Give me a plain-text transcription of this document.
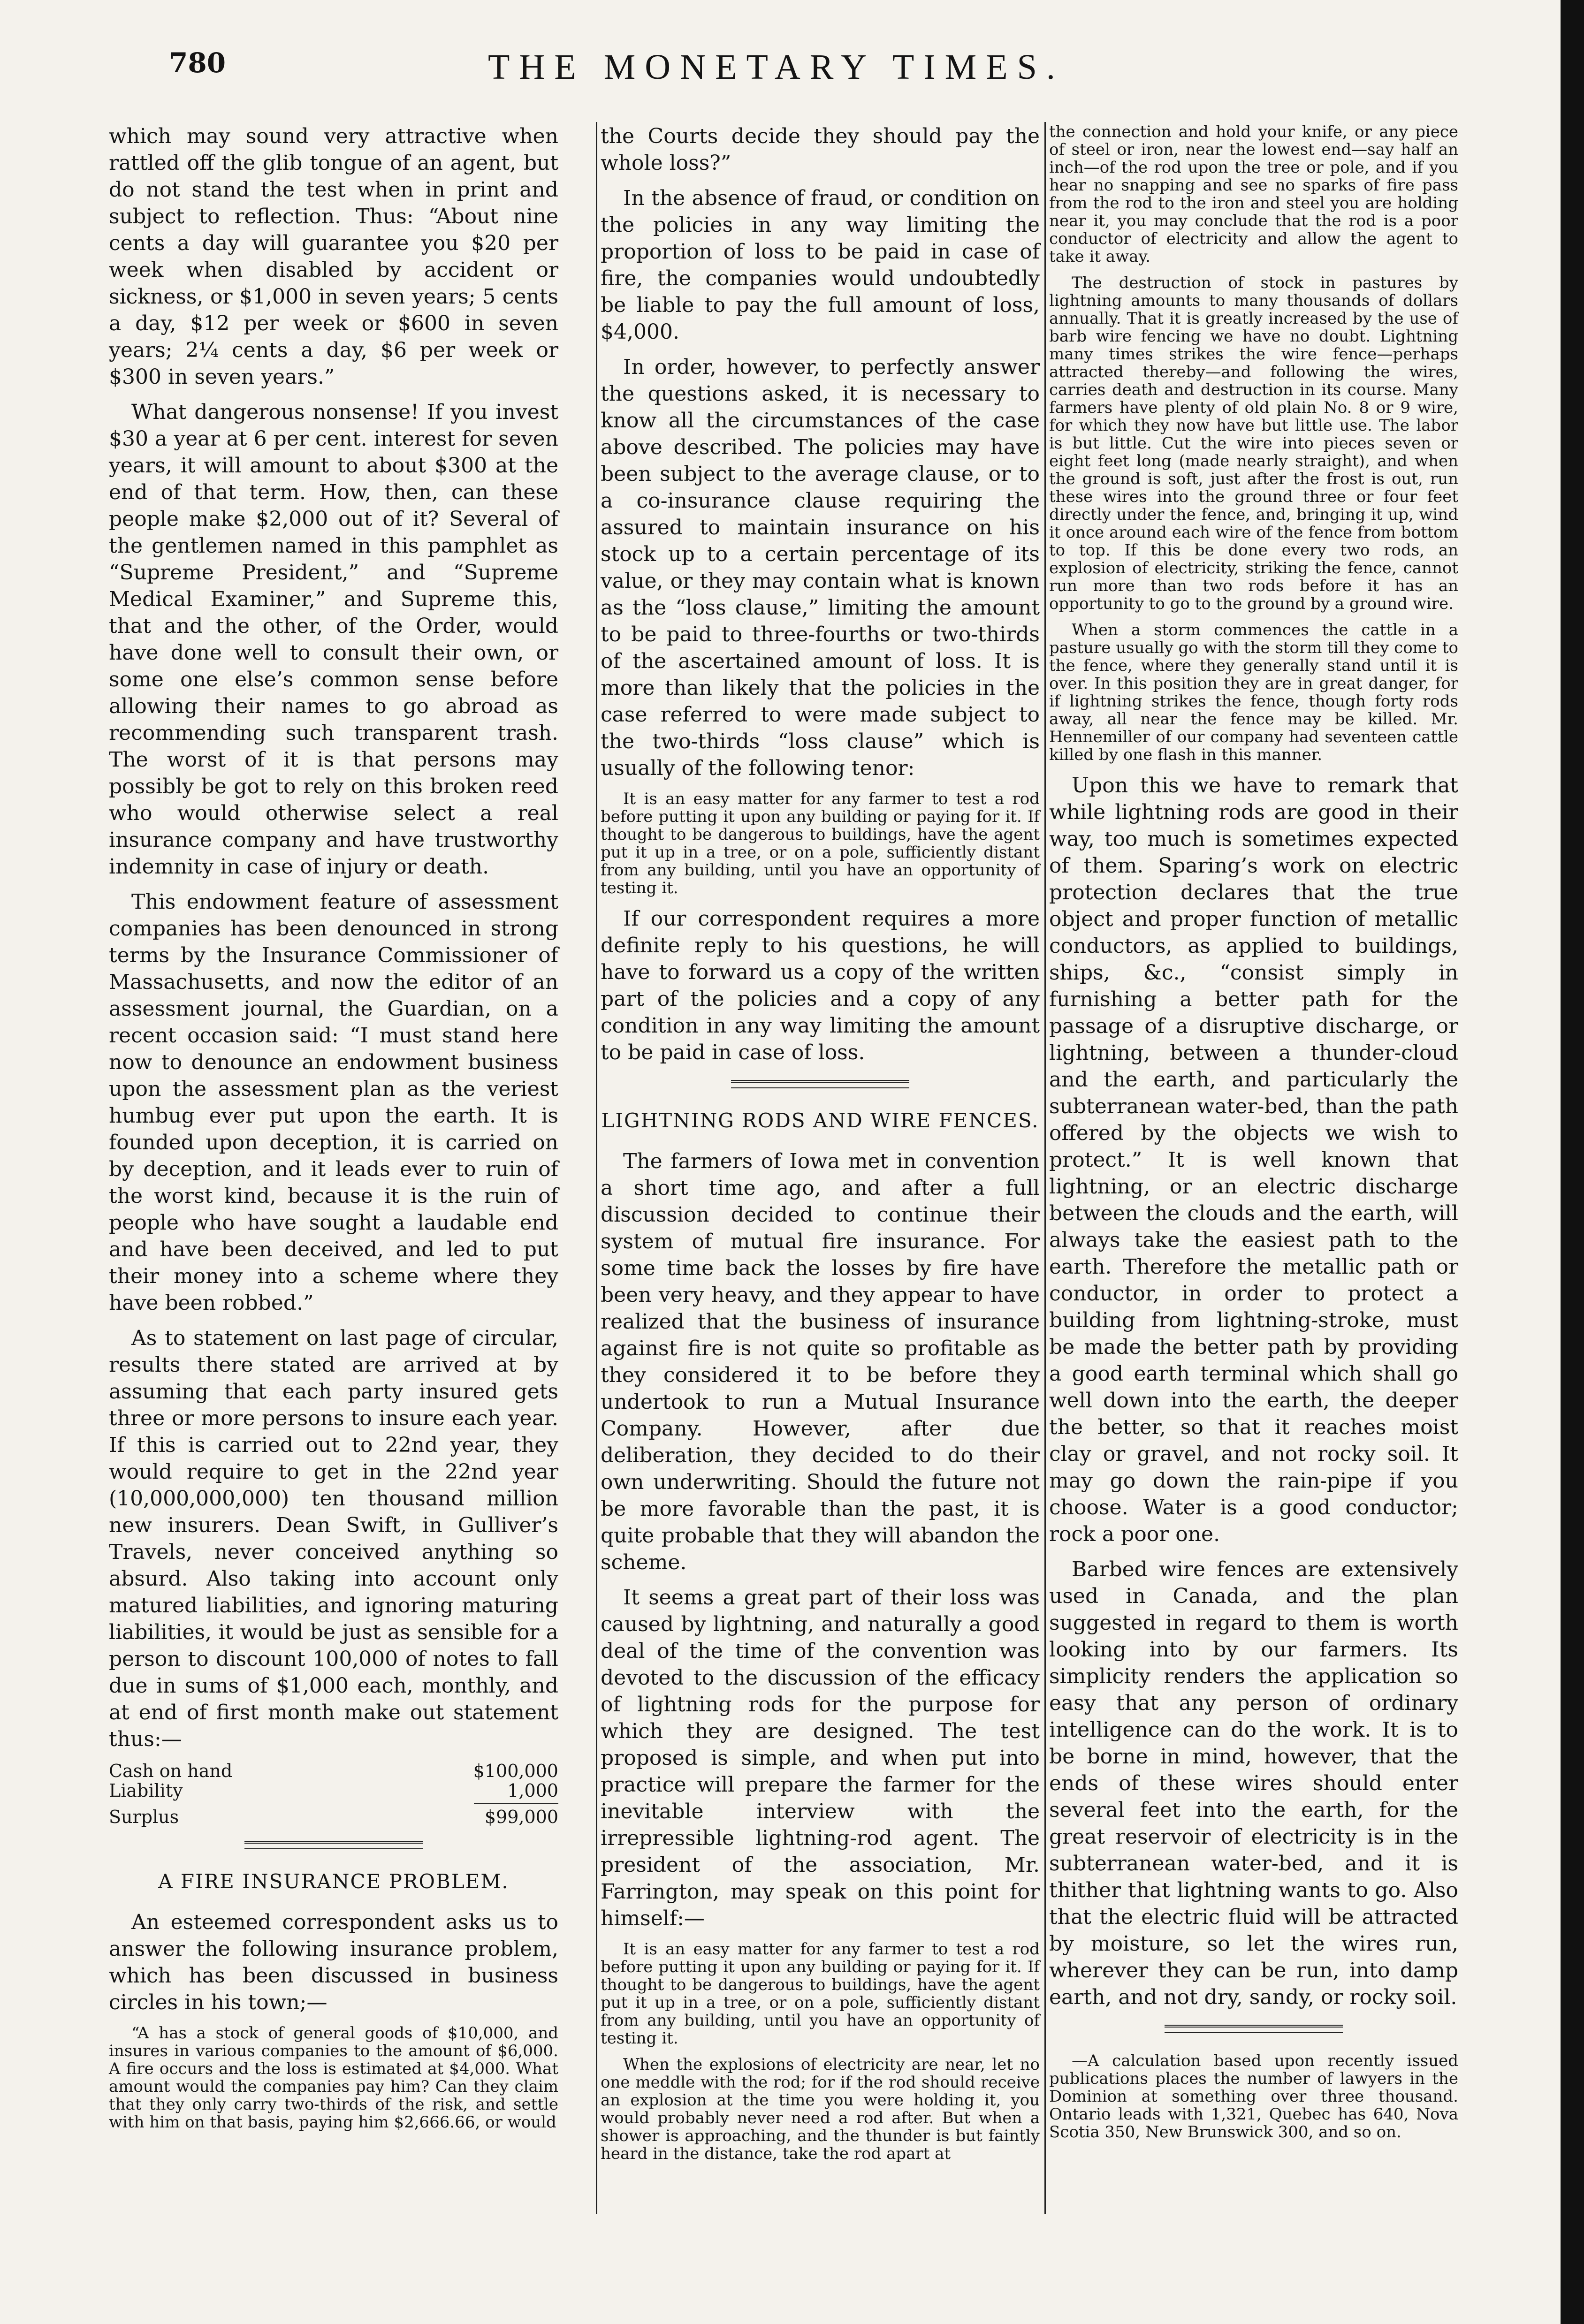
780	THE MONETARY TIMES.

which may sound very attractive when rattled off the glib tongue of an agent, but do not stand the test when in print and subject to reflection. Thus: “About nine cents a day will guarantee you $20 per week when disabled by accident or sickness, or $1,000 in seven years; 5 cents a day, $12 per week or $600 in seven years; 2¼ cents a day, $6 per week or $300 in seven years.”

What dangerous nonsense! If you invest $30 a year at 6 per cent. interest for seven years, it will amount to about $300 at the end of that term. How, then, can these people make $2,000 out of it? Several of the gentlemen named in this pamphlet as “Supreme President,” and “Supreme Medical Examiner,” and Supreme this, that and the other, of the Order, would have done well to consult their own, or some one else’s common sense before allowing their names to go abroad as recommending such transparent trash. The worst of it is that persons may possibly be got to rely on this broken reed who would otherwise select a real insurance company and have trustworthy indemnity in case of injury or death.

This endowment feature of assessment companies has been denounced in strong terms by the Insurance Commissioner of Massachusetts, and now the editor of an assessment journal, the Guardian, on a recent occasion said: “I must stand here now to denounce an endowment business upon the assessment plan as the veriest humbug ever put upon the earth. It is founded upon deception, it is carried on by deception, and it leads ever to ruin of the worst kind, because it is the ruin of people who have sought a laudable end and have been deceived, and led to put their money into a scheme where they have been robbed.”

As to statement on last page of circular, results there stated are arrived at by assuming that each party insured gets three or more persons to insure each year. If this is carried out to 22nd year, they would require to get in the 22nd year (10,000,000,000) ten thousand million new insurers. Dean Swift, in Gulliver’s Travels, never conceived anything so absurd. Also taking into account only matured liabilities, and ignoring maturing liabilities, it would be just as sensible for a person to discount 100,000 of notes to fall due in sums of $1,000 each, monthly, and at end of first month make out statement thus:—

Cash on hand	$100,000
Liability	1,000
Surplus	$99,000
A FIRE INSURANCE PROBLEM.

An esteemed correspondent asks us to answer the following insurance problem, which has been discussed in business circles in his town;—

“A has a stock of general goods of $10,000, and insures in various companies to the amount of $6,000. A fire occurs and the loss is estimated at $4,000. What amount would the companies pay him? Can they claim that they only carry two-thirds of the risk, and settle with him on that basis, paying him $2,666.66, or would

the Courts decide they should pay the whole loss?”

In the absence of fraud, or condition on the policies in any way limiting the proportion of loss to be paid in case of fire, the companies would undoubtedly be liable to pay the full amount of loss, $4,000.

In order, however, to perfectly answer the questions asked, it is necessary to know all the circumstances of the case above described. The policies may have been subject to the average clause, or to a co-insurance clause requiring the assured to maintain insurance on his stock up to a certain percentage of its value, or they may contain what is known as the “loss clause,” limiting the amount to be paid to three-fourths or two-thirds of the ascertained amount of loss. It is more than likely that the policies in the case referred to were made subject to the two-thirds “loss clause” which is usually of the following tenor:

It is an easy matter for any farmer to test a rod before putting it upon any building or paying for it. If thought to be dangerous to buildings, have the agent put it up in a tree, or on a pole, sufficiently distant from any building, until you have an opportunity of testing it.

If our correspondent requires a more definite reply to his questions, he will have to forward us a copy of the written part of the policies and a copy of any condition in any way limiting the amount to be paid in case of loss.

LIGHTNING RODS AND WIRE FENCES.

The farmers of Iowa met in convention a short time ago, and after a full discussion decided to continue their system of mutual fire insurance. For some time back the losses by fire have been very heavy, and they appear to have realized that the business of insurance against fire is not quite so profitable as they considered it to be before they undertook to run a Mutual Insurance Company. However, after due deliberation, they decided to do their own underwriting. Should the future not be more favorable than the past, it is quite probable that they will abandon the scheme.

It seems a great part of their loss was caused by lightning, and naturally a good deal of the time of the convention was devoted to the discussion of the efficacy of lightning rods for the purpose for which they are designed. The test proposed is simple, and when put into practice will prepare the farmer for the inevitable interview with the irrepressible lightning-rod agent. The president of the association, Mr. Farrington, may speak on this point for himself:—

It is an easy matter for any farmer to test a rod before putting it upon any building or paying for it. If thought to be dangerous to buildings, have the agent put it up in a tree, or on a pole, sufficiently distant from any building, until you have an opportunity of testing it.

When the explosions of electricity are near, let no one meddle with the rod; for if the rod should receive an explosion at the time you were holding it, you would probably never need a rod after. But when a shower is approaching, and the thunder is but faintly heard in the distance, take the rod apart at

the connection and hold your knife, or any piece of steel or iron, near the lowest end—say half an inch—of the rod upon the tree or pole, and if you hear no snapping and see no sparks of fire pass from the rod to the iron and steel you are holding near it, you may conclude that the rod is a poor conductor of electricity and allow the agent to take it away.

The destruction of stock in pastures by lightning amounts to many thousands of dollars annually. That it is greatly increased by the use of barb wire fencing we have no doubt. Lightning many times strikes the wire fence—perhaps attracted thereby—and following the wires, carries death and destruction in its course. Many farmers have plenty of old plain No. 8 or 9 wire, for which they now have but little use. The labor is but little. Cut the wire into pieces seven or eight feet long (made nearly straight), and when the ground is soft, just after the frost is out, run these wires into the ground three or four feet directly under the fence, and, bringing it up, wind it once around each wire of the fence from bottom to top. If this be done every two rods, an explosion of electricity, striking the fence, cannot run more than two rods before it has an opportunity to go to the ground by a ground wire.

When a storm commences the cattle in a pasture usually go with the storm till they come to the fence, where they generally stand until it is over. In this position they are in great danger, for if lightning strikes the fence, though forty rods away, all near the fence may be killed. Mr. Hennemiller of our company had seventeen cattle killed by one flash in this manner.

Upon this we have to remark that while lightning rods are good in their way, too much is sometimes expected of them. Sparing’s work on electric protection declares that the true object and proper function of metallic conductors, as applied to buildings, ships, &c., “consist simply in furnishing a better path for the passage of a disruptive discharge, or lightning, between a thunder-cloud and the earth, and particularly the subterranean water-bed, than the path offered by the objects we wish to protect.” It is well known that lightning, or an electric discharge between the clouds and the earth, will always take the easiest path to the earth. Therefore the metallic path or conductor, in order to protect a building from lightning-stroke, must be made the better path by providing a good earth terminal which shall go well down into the earth, the deeper the better, so that it reaches moist clay or gravel, and not rocky soil. It may go down the rain-pipe if you choose. Water is a good conductor; rock a poor one.

Barbed wire fences are extensively used in Canada, and the plan suggested in regard to them is worth looking into by our farmers. Its simplicity renders the application so easy that any person of ordinary intelligence can do the work. It is to be borne in mind, however, that the ends of these wires should enter several feet into the earth, for the great reservoir of electricity is in the subterranean water-bed, and it is thither that lightning wants to go. Also that the electric fluid will be attracted by moisture, so let the wires run, wherever they can be run, into damp earth, and not dry, sandy, or rocky soil.

—A calculation based upon recently issued publications places the number of lawyers in the Dominion at something over three thousand. Ontario leads with 1,321, Quebec has 640, Nova Scotia 350, New Brunswick 300, and so on.
